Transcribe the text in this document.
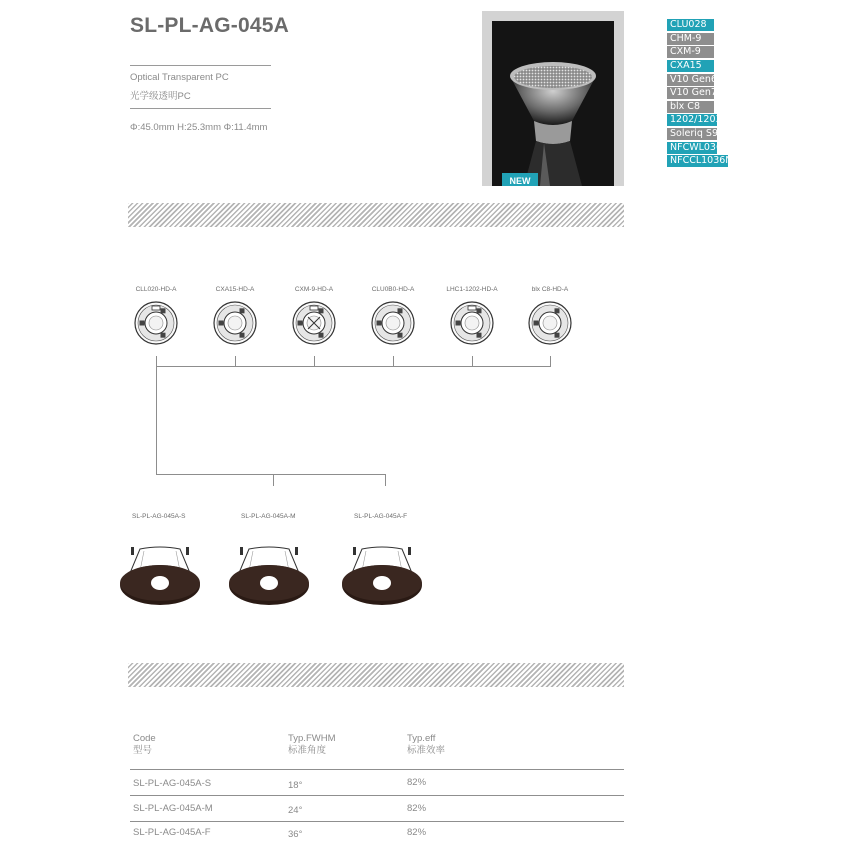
SL-PL-AG-045A
Optical Transparent PC
光学级透明PC
Φ:45.0mm H:25.3mm Φ:11.4mm
NEW
CLU028
CHM-9
CXM-9
CXA15
V10 Gen6
V10 Gen7
blx C8
1202/1203
Soleriq S9
NFCWL036B
NFCCL1036N
CLL020-HD-A	CXA15-HD-A	CXM-9-HD-A	CLU0B0-HD-A	LHC1-1202-HD-A	blx C8-HD-A
SL-PL-AG-045A-S	SL-PL-AG-045A-M	SL-PL-AG-045A-F
Code
型号
Typ.FWHM
标准角度
Typ.eff
标准效率
SL-PL-AG-045A-S	18°	82%
SL-PL-AG-045A-M	24°	82%
SL-PL-AG-045A-F	36°	82%
